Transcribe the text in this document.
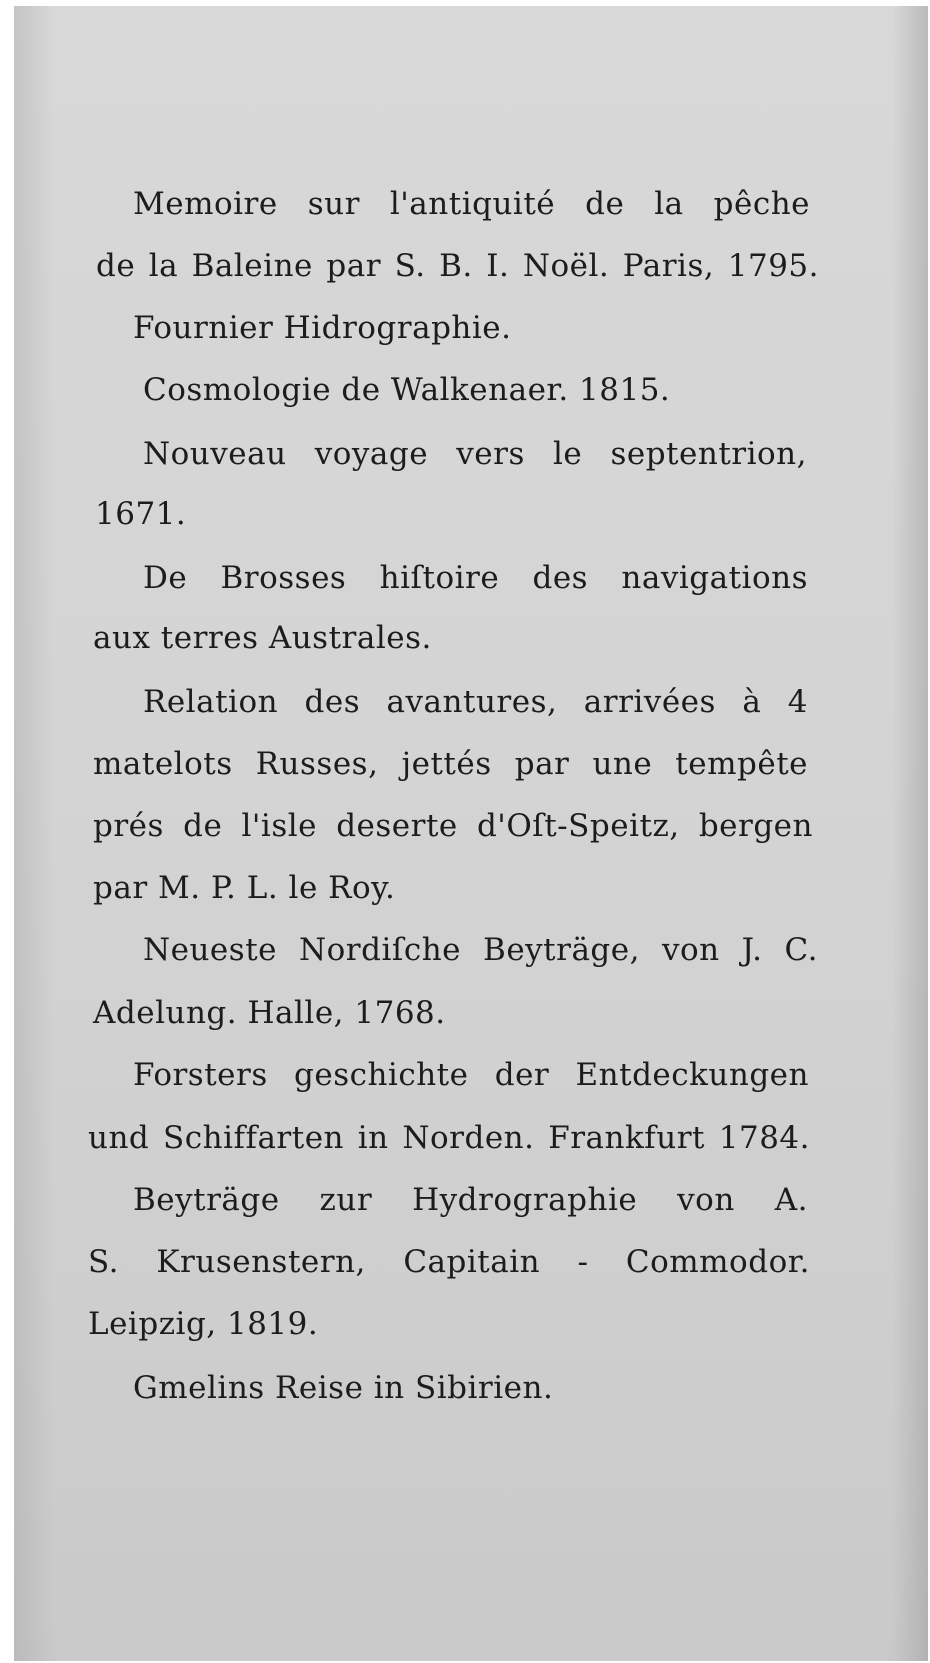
Memoire sur l'antiquité de la pêche
de la Baleine par S. B. I. Noël. Paris, 1795.
Fournier Hidrographie.
Cosmologie de Walkenaer. 1815.
Nouveau voyage vers le septentrion,
1671.
De Brosses hiſtoire des navigations
aux terres Australes.
Relation des avantures, arrivées à 4
matelots Russes, jettés par une tempête
prés de l'isle deserte d'Oſt-Speitz, bergen
par M. P. L. le Roy.
Neueste Nordiſche Beyträge, von J. C.
Adelung. Halle, 1768.
Forsters geschichte der Entdeckungen
und Schiffarten in Norden. Frankfurt 1784.
Beyträge zur Hydrographie von A.
S. Krusenstern, Capitain - Commodor.
Leipzig, 1819.
Gmelins Reise in Sibirien.
